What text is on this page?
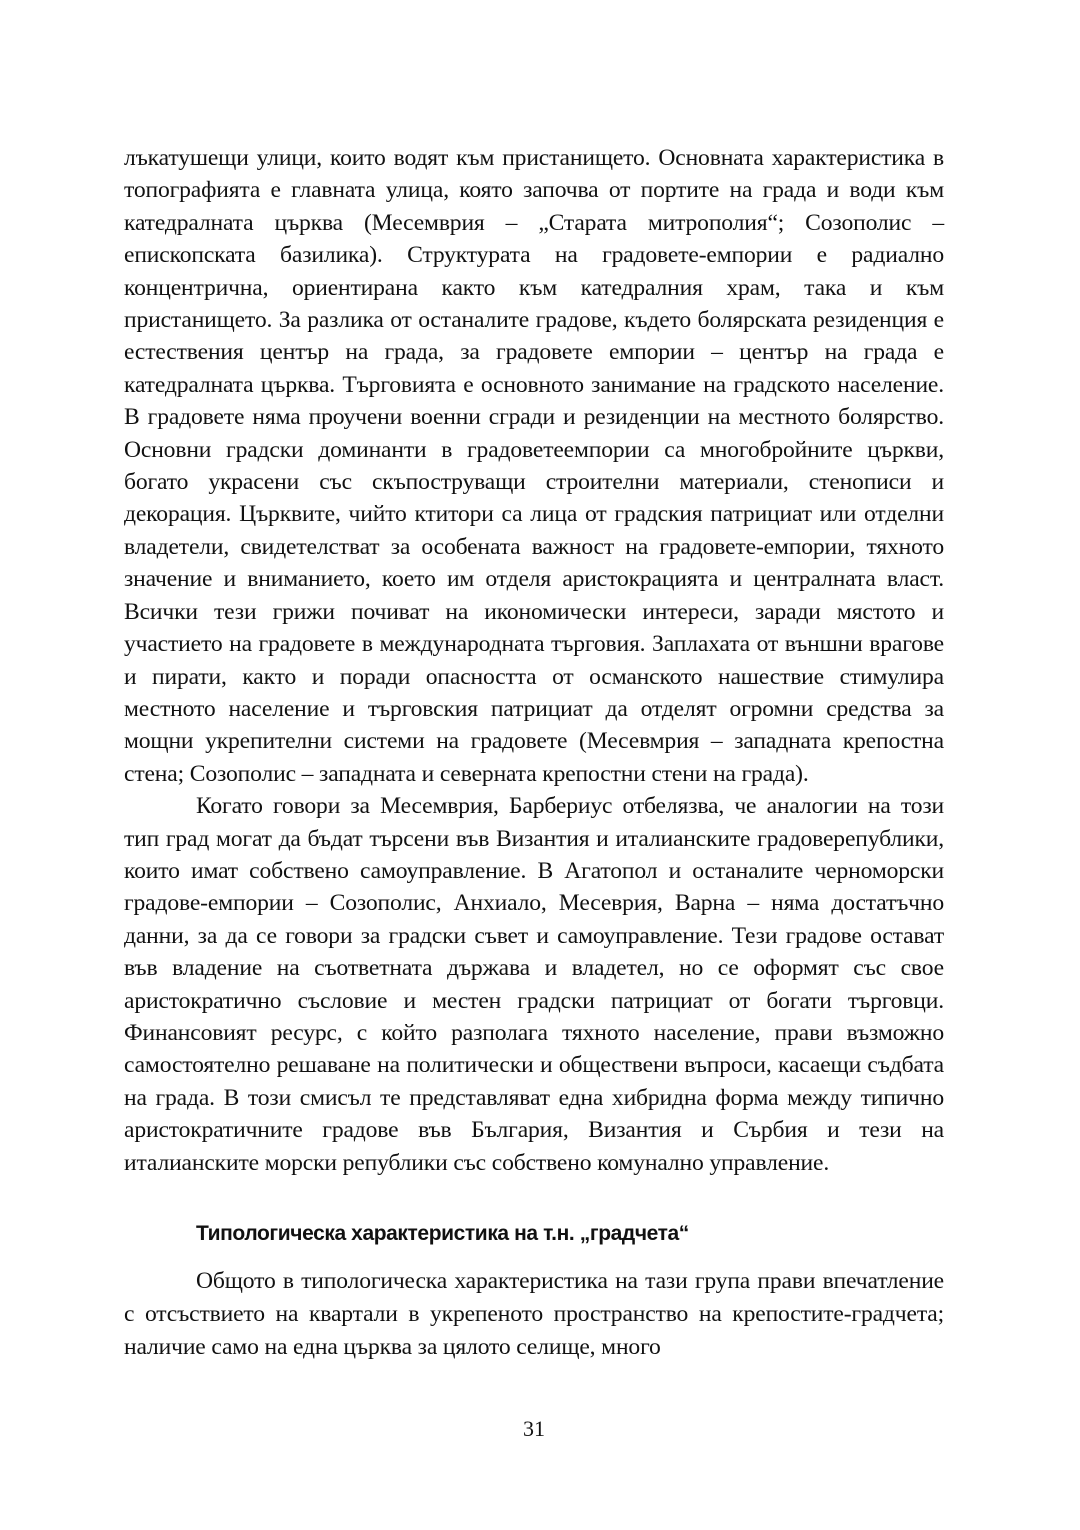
лъкатушещи улици, които водят към пристанището. Основната характеристика в топографията е главната улица, която започва от портите на града и води към катедралната църква (Месемврия – „Старата митрополия“; Созополис – епископската базилика). Структурата на градовете-емпории е радиално концентрична, ориентирана както към катедралния храм, така и към пристанището. За разлика от останалите градове, където болярската резиденция е естествения център на града, за градовете емпории – център на града е катедралната църква. Търговията е основното занимание на градското население. В градовете няма проучени военни сгради и резиденции на местното болярство. Основни градски доминанти в градоветеемпории са многобройните църкви, богато украсени със скъпоструващи строителни материали, стенописи и декорация. Църквите, чийто ктитори са лица от градския патрициат или отделни владетели, свидетелстват за особената важност на градовете-емпории, тяхното значение и вниманието, което им отделя аристокрацията и централната власт. Всички тези грижи почиват на икономически интереси, заради мястото и участието на градовете в международната търговия. Заплахата от външни врагове и пирати, както и поради опасността от османското нашествие стимулира местното население и търговския патрициат да отделят огромни средства за мощни укрепителни системи на градовете (Месевмрия – западната крепостна стена; Созополис – западната и северната крепостни стени на града).

Когато говори за Месемврия, Барбериус отбелязва, че аналогии на този тип град могат да бъдат търсени във Византия и италианските градоверепублики, които имат собствено самоуправление. В Агатопол и останалите черноморски градове-емпории – Созополис, Анхиало, Месеврия, Варна – няма достатъчно данни, за да се говори за градски съвет и самоуправление. Тези градове остават във владение на съответната държава и владетел, но се оформят със свое аристократично съсловие и местен градски патрициат от богати търговци. Финансовият ресурс, с който разполага тяхното население, прави възможно самостоятелно решаване на политически и обществени въпроси, касаещи съдбата на града. В този смисъл те представляват една хибридна форма между типично аристократичните градове във България, Византия и Сърбия и тези на италианските морски републики със собствено комунално управление.

Типологическа характеристика на т.н. „градчета“

Общото в типологическа характеристика на тази група прави впечатление с отсъствието на квартали в укрепеното пространство на крепостите-градчета; наличие само на една църква за цялото селище, много

31
